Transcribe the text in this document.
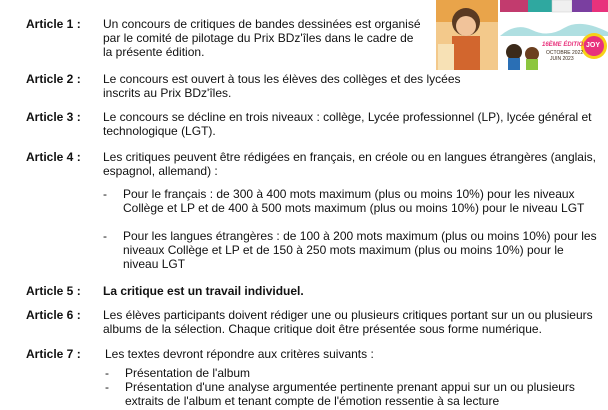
16ÈME ÉDITION
OCTOBRE 2022
JUIN 2023
JOY
Article 1 : Un concours de critiques de bandes dessinées est organisé par le comité de pilotage du Prix BDz'îles dans le cadre de la présente édition.
Article 2 : Le concours est ouvert à tous les élèves des collèges et des lycées inscrits au Prix BDz'îles.
Article 3 : Le concours se décline en trois niveaux : collège, Lycée professionnel (LP), lycée général et technologique (LGT).
Article 4 : Les critiques peuvent être rédigées en français, en créole ou en langues étrangères (anglais, espagnol, allemand) :
- Pour le français : de 300 à 400 mots maximum (plus ou moins 10%) pour les niveaux Collège et LP et de 400 à 500 mots maximum (plus ou moins 10%) pour le niveau LGT
- Pour les langues étrangères : de 100 à 200 mots maximum (plus ou moins 10%) pour les niveaux Collège et LP et de 150 à 250 mots maximum (plus ou moins 10%) pour le niveau LGT
Article 5 : La critique est un travail individuel.
Article 6 : Les élèves participants doivent rédiger une ou plusieurs critiques portant sur un ou plusieurs albums de la sélection. Chaque critique doit être présentée sous forme numérique.
Article 7 : Les textes devront répondre aux critères suivants :
- Présentation de l'album
- Présentation d'une analyse argumentée pertinente prenant appui sur un ou plusieurs extraits de l'album et tenant compte de l'émotion ressentie à sa lecture
